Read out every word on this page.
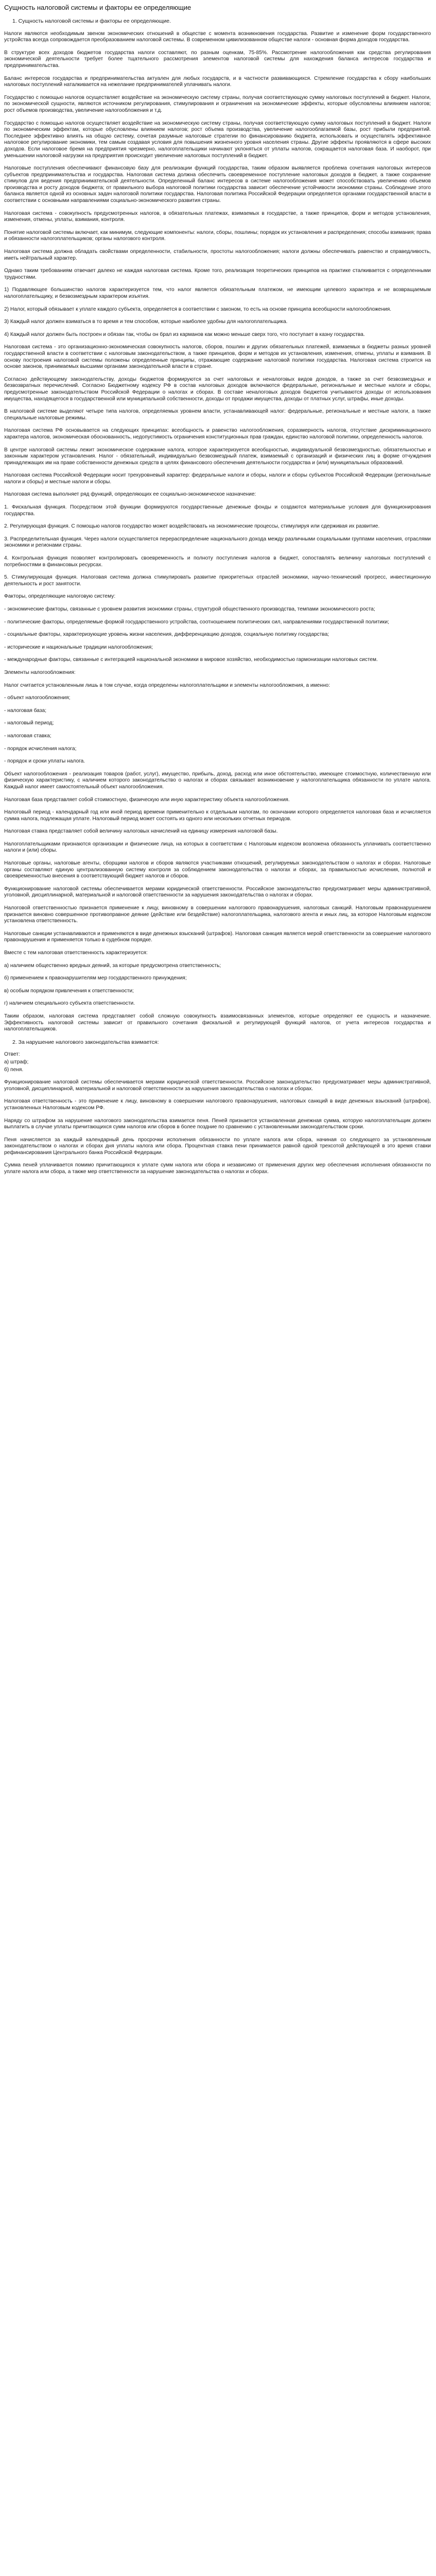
Сущность налоговой системы и факторы ее определяющие
1. Сущность налоговой системы и факторы ее определяющие.

Налоги являются необходимым звеном экономических отношений в обществе с момента возникновения государства. Развитие и изменение форм государственного устройства всегда сопровождается преобразованием налоговой системы. В современном цивилизованном обществе налоги - основная форма доходов государства.

В структуре всех доходов бюджетов государства налоги составляют, по разным оценкам, 75-85%. Рассмотрение налогообложения как средства регулирования экономической деятельности требует более тщательного рассмотрения элементов налоговой системы для нахождения баланса интересов государства и предпринимательства.

Баланс интересов государства и предпринимательства актуален для любых государств, и в частности развивающихся. Стремление государства к сбору наибольших налоговых поступлений наталкивается на нежелание предпринимателей уплачивать налоги.

Государство с помощью налогов осуществляет воздействие на экономическую систему страны, получая соответствующую сумму налоговых поступлений в бюджет. Налоги, по экономической сущности, являются источником регулирования, стимулирования и ограничения на экономические эффекты, которые обусловлены влиянием налогов; рост объемов производства, увеличение налогообложения и т.д.

Государство с помощью налогов осуществляет воздействие на экономическую систему страны, получая соответствующую сумму налоговых поступлений в бюджет. Налоги по экономическим эффектам, которые обусловлены влиянием налогов; рост объема производства, увеличение налогооблагаемой базы, рост прибыли предприятий. Последнее эффективно влиять на общую систему, сочетая разумные налоговые стратегии по финансированию бюджета, использовать и осуществлять эффективное налоговое регулирование экономики, тем самым создавая условия для повышения жизненного уровня населения страны. Другие эффекты проявляются в сфере высоких доходов. Если налоговое бремя на предприятия чрезмерно, налогоплательщики начинают уклоняться от уплаты налогов, сокращается налоговая база. И наоборот, при уменьшении налоговой нагрузки на предприятия происходит увеличение налоговых поступлений в бюджет.

Налоговые поступления обеспечивают финансовую базу для реализации функций государства, таким образом выявляется проблема сочетания налоговых интересов субъектов предпринимательства и государства. Налоговая система должна обеспечить своевременное поступление налоговых доходов в бюджет, а также сохранение стимулов для ведения предпринимательской деятельности. Определенный баланс интересов в системе налогообложения может способствовать увеличению объемов производства и росту доходов бюджета; от правильного выбора налоговой политики государства зависит обеспечение устойчивости экономики страны. Соблюдение этого баланса является одной из основных задач налоговой политики государства. Налоговая политика Российской Федерации определяется органами государственной власти в соответствии с основными направлениями социально-экономического развития страны.

Налоговая система - совокупность предусмотренных налогов, в обязательных платежах, взимаемых в государстве, а также принципов, форм и методов установления, изменения, отмены, уплаты, взимания, контроля.

Понятие налоговой системы включает, как минимум, следующие компоненты: налоги, сборы, пошлины; порядок их установления и распределения; способы взимания; права и обязанности налогоплательщиков; органы налогового контроля.

Налоговая система должна обладать свойствами определенности, стабильности, простоты налогообложения; налоги должны обеспечивать равенство и справедливость, иметь нейтральный характер.

Однако таким требованиям отвечает далеко не каждая налоговая система. Кроме того, реализация теоретических принципов на практике сталкивается с определенными трудностями.

1) Подавляющее большинство налогов характеризуется тем, что налог является обязательным платежом, не имеющим целевого характера и не возвращаемым налогоплательщику, и безвозмездным характером изъятия.

2) Налог, который обязывает к уплате каждого субъекта, определяется в соответствии с законом, то есть на основе принципа всеобщности налогообложения.

3) Каждый налог должен взиматься в то время и тем способом, которые наиболее удобны для налогоплательщика.

4) Каждый налог должен быть построен и обязан так, чтобы он брал из карманов как можно меньше сверх того, что поступает в казну государства.

Налоговая система - это организационно-экономическая совокупность налогов, сборов, пошлин и других обязательных платежей, взимаемых в бюджеты разных уровней государственной власти в соответствии с налоговым законодательством, а также принципов, форм и методов их установления, изменения, отмены, уплаты и взимания. В основу построения налоговой системы положены определенные принципы, отражающие содержание налоговой политики государства. Налоговая система строится на основе законов, принимаемых высшими органами законодательной власти в стране.

Согласно действующему законодательству, доходы бюджетов формируются за счет налоговых и неналоговых видов доходов, а также за счет безвозмездных и безвозвратных перечислений. Согласно Бюджетному кодексу РФ в состав налоговых доходов включаются федеральные, региональные и местные налоги и сборы, предусмотренные законодательством Российской Федерации о налогах и сборах. В составе неналоговых доходов бюджетов учитываются доходы от использования имущества, находящегося в государственной или муниципальной собственности, доходы от продажи имущества, доходы от платных услуг, штрафы, иные доходы.

В налоговой системе выделяют четыре типа налогов, определяемых уровнем власти, устанавливающей налог: федеральные, региональные и местные налоги, а также специальные налоговые режимы.

Налоговая система РФ основывается на следующих принципах: всеобщность и равенство налогообложения, соразмерность налогов, отсутствие дискриминационного характера налогов, экономическая обоснованность, недопустимость ограничения конституционных прав граждан, единство налоговой политики, определенность налогов.

В центре налоговой системы лежит экономическое содержание налога, которое характеризуется всеобщностью, индивидуальной безвозмездностью, обязательностью и законным характером установления. Налог - обязательный, индивидуально безвозмездный платеж, взимаемый с организаций и физических лиц в форме отчуждения принадлежащих им на праве собственности денежных средств в целях финансового обеспечения деятельности государства и (или) муниципальных образований.

Налоговая система Российской Федерации носит трехуровневый характер: федеральные налоги и сборы, налоги и сборы субъектов Российской Федерации (региональные налоги и сборы) и местные налоги и сборы.

Налоговая система выполняет ряд функций, определяющих ее социально-экономическое назначение:

1. Фискальная функция. Посредством этой функции формируются государственные денежные фонды и создаются материальные условия для функционирования государства.

2. Регулирующая функция. С помощью налогов государство может воздействовать на экономические процессы, стимулируя или сдерживая их развитие.

3. Распределительная функция. Через налоги осуществляется перераспределение национального дохода между различными социальными группами населения, отраслями экономики и регионами страны.

4. Контрольная функция позволяет контролировать своевременность и полноту поступления налогов в бюджет, сопоставлять величину налоговых поступлений с потребностями в финансовых ресурсах.

5. Стимулирующая функция. Налоговая система должна стимулировать развитие приоритетных отраслей экономики, научно-технический прогресс, инвестиционную деятельность и рост занятости.

Факторы, определяющие налоговую систему:

- экономические факторы, связанные с уровнем развития экономики страны, структурой общественного производства, темпами экономического роста;

- политические факторы, определяемые формой государственного устройства, соотношением политических сил, направлениями государственной политики;

- социальные факторы, характеризующие уровень жизни населения, дифференциацию доходов, социальную политику государства;

- исторические и национальные традиции налогообложения;

- международные факторы, связанные с интеграцией национальной экономики в мировое хозяйство, необходимостью гармонизации налоговых систем.

Элементы налогообложения:

Налог считается установленным лишь в том случае, когда определены налогоплательщики и элементы налогообложения, а именно:

- объект налогообложения;

- налоговая база;

- налоговый период;

- налоговая ставка;

- порядок исчисления налога;

- порядок и сроки уплаты налога.

Объект налогообложения - реализация товаров (работ, услуг), имущество, прибыль, доход, расход или иное обстоятельство, имеющее стоимостную, количественную или физическую характеристику, с наличием которого законодательство о налогах и сборах связывает возникновение у налогоплательщика обязанности по уплате налога. Каждый налог имеет самостоятельный объект налогообложения.

Налоговая база представляет собой стоимостную, физическую или иную характеристику объекта налогообложения.

Налоговый период - календарный год или иной период времени применительно к отдельным налогам, по окончании которого определяется налоговая база и исчисляется сумма налога, подлежащая уплате. Налоговый период может состоять из одного или нескольких отчетных периодов.

Налоговая ставка представляет собой величину налоговых начислений на единицу измерения налоговой базы.

Налогоплательщиками признаются организации и физические лица, на которых в соответствии с Налоговым кодексом возложена обязанность уплачивать соответственно налоги и (или) сборы.

Налоговые органы, налоговые агенты, сборщики налогов и сборов являются участниками отношений, регулируемых законодательством о налогах и сборах. Налоговые органы составляют единую централизованную систему контроля за соблюдением законодательства о налогах и сборах, за правильностью исчисления, полнотой и своевременностью внесения в соответствующий бюджет налогов и сборов.

Функционирование налоговой системы обеспечивается мерами юридической ответственности. Российское законодательство предусматривает меры административной, уголовной, дисциплинарной, материальной и налоговой ответственности за нарушения законодательства о налогах и сборах.

Налоговой ответственностью признается применение к лицу, виновному в совершении налогового правонарушения, налоговых санкций. Налоговым правонарушением признается виновно совершенное противоправное деяние (действие или бездействие) налогоплательщика, налогового агента и иных лиц, за которое Налоговым кодексом установлена ответственность.

Налоговые санкции устанавливаются и применяются в виде денежных взысканий (штрафов). Налоговая санкция является мерой ответственности за совершение налогового правонарушения и применяется только в судебном порядке.

Вместе с тем налоговая ответственность характеризуется:

а) наличием общественно вредных деяний, за которые предусмотрена ответственность;

б) применением к правонарушителям мер государственного принуждения;

в) особым порядком привлечения к ответственности;

г) наличием специального субъекта ответственности.

Таким образом, налоговая система представляет собой сложную совокупность взаимосвязанных элементов, которые определяют ее сущность и назначение. Эффективность налоговой системы зависит от правильного сочетания фискальной и регулирующей функций налогов, от учета интересов государства и налогоплательщиков.

2. За нарушение налогового законодательства взимается:
Ответ:
а) штраф;
б) пеня.

Функционирование налоговой системы обеспечивается мерами юридической ответственности. Российское законодательство предусматривает меры административной, уголовной, дисциплинарной, материальной и налоговой ответственности за нарушения законодательства о налогах и сборах.

Налоговая ответственность - это применение к лицу, виновному в совершении налогового правонарушения, налоговых санкций в виде денежных взысканий (штрафов), установленных Налоговым кодексом РФ.

Наряду со штрафом за нарушение налогового законодательства взимается пеня. Пеней признается установленная денежная сумма, которую налогоплательщик должен выплатить в случае уплаты причитающихся сумм налогов или сборов в более поздние по сравнению с установленными законодательством сроки.

Пеня начисляется за каждый календарный день просрочки исполнения обязанности по уплате налога или сбора, начиная со следующего за установленным законодательством о налогах и сборах дня уплаты налога или сбора. Процентная ставка пени принимается равной одной трехсотой действующей в это время ставки рефинансирования Центрального банка Российской Федерации.

Сумма пеней уплачивается помимо причитающихся к уплате сумм налога или сбора и независимо от применения других мер обеспечения исполнения обязанности по уплате налога или сбора, а также мер ответственности за нарушение законодательства о налогах и сборах.
